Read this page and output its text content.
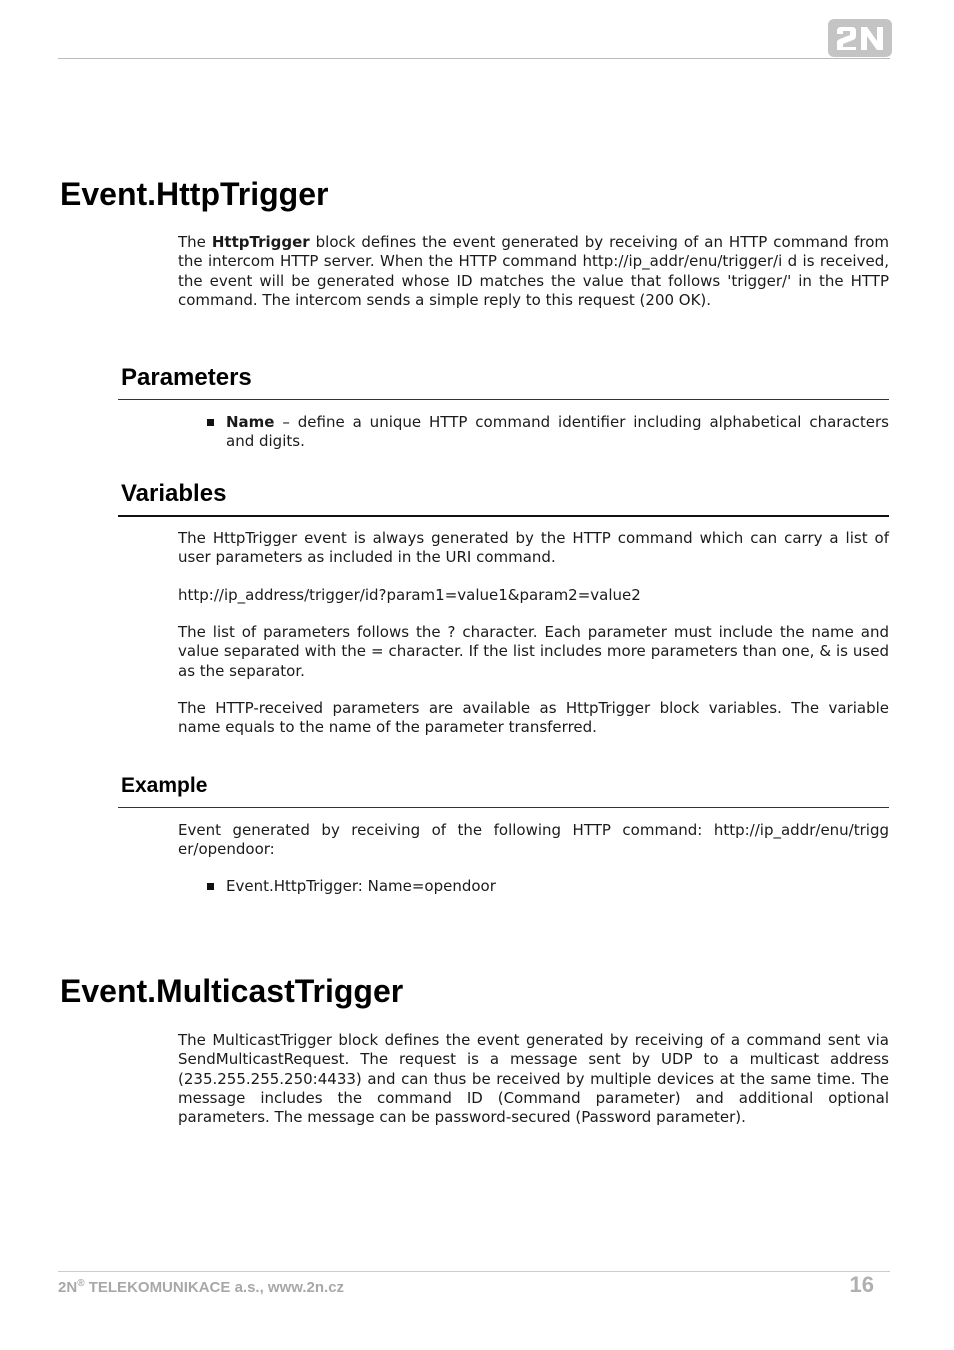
Event.HttpTrigger

The HttpTrigger block defines the event generated by receiving of an HTTP command from the intercom HTTP server. When the HTTP command http://ip_addr/enu/trigger/i d is received, the event will be generated whose ID matches the value that follows 'trigger/' in the HTTP command. The intercom sends a simple reply to this request (200 OK).

Parameters
Name – define a unique HTTP command identifier including alphabetical characters and digits.
Variables

The HttpTrigger event is always generated by the HTTP command which can carry a list of user parameters as included in the URI command.

http://ip_address/trigger/id?param1=value1&param2=value2

The list of parameters follows the ? character. Each parameter must include the name and value separated with the = character. If the list includes more parameters than one, & is used as the separator.

The HTTP-received parameters are available as HttpTrigger block variables. The variable name equals to the name of the parameter transferred.

Example

Event generated by receiving of the following HTTP command: http://ip_addr/enu/trigg er/opendoor:

Event.HttpTrigger: Name=opendoor
Event.MulticastTrigger

The MulticastTrigger block defines the event generated by receiving of a command sent via SendMulticastRequest. The request is a message sent by UDP to a multicast address (235.255.255.250:4433) and can thus be received by multiple devices at the same time. The message includes the command ID (Command parameter) and additional optional parameters. The message can be password-secured (Password parameter).

2N® TELEKOMUNIKACE a.s., www.2n.cz	16
